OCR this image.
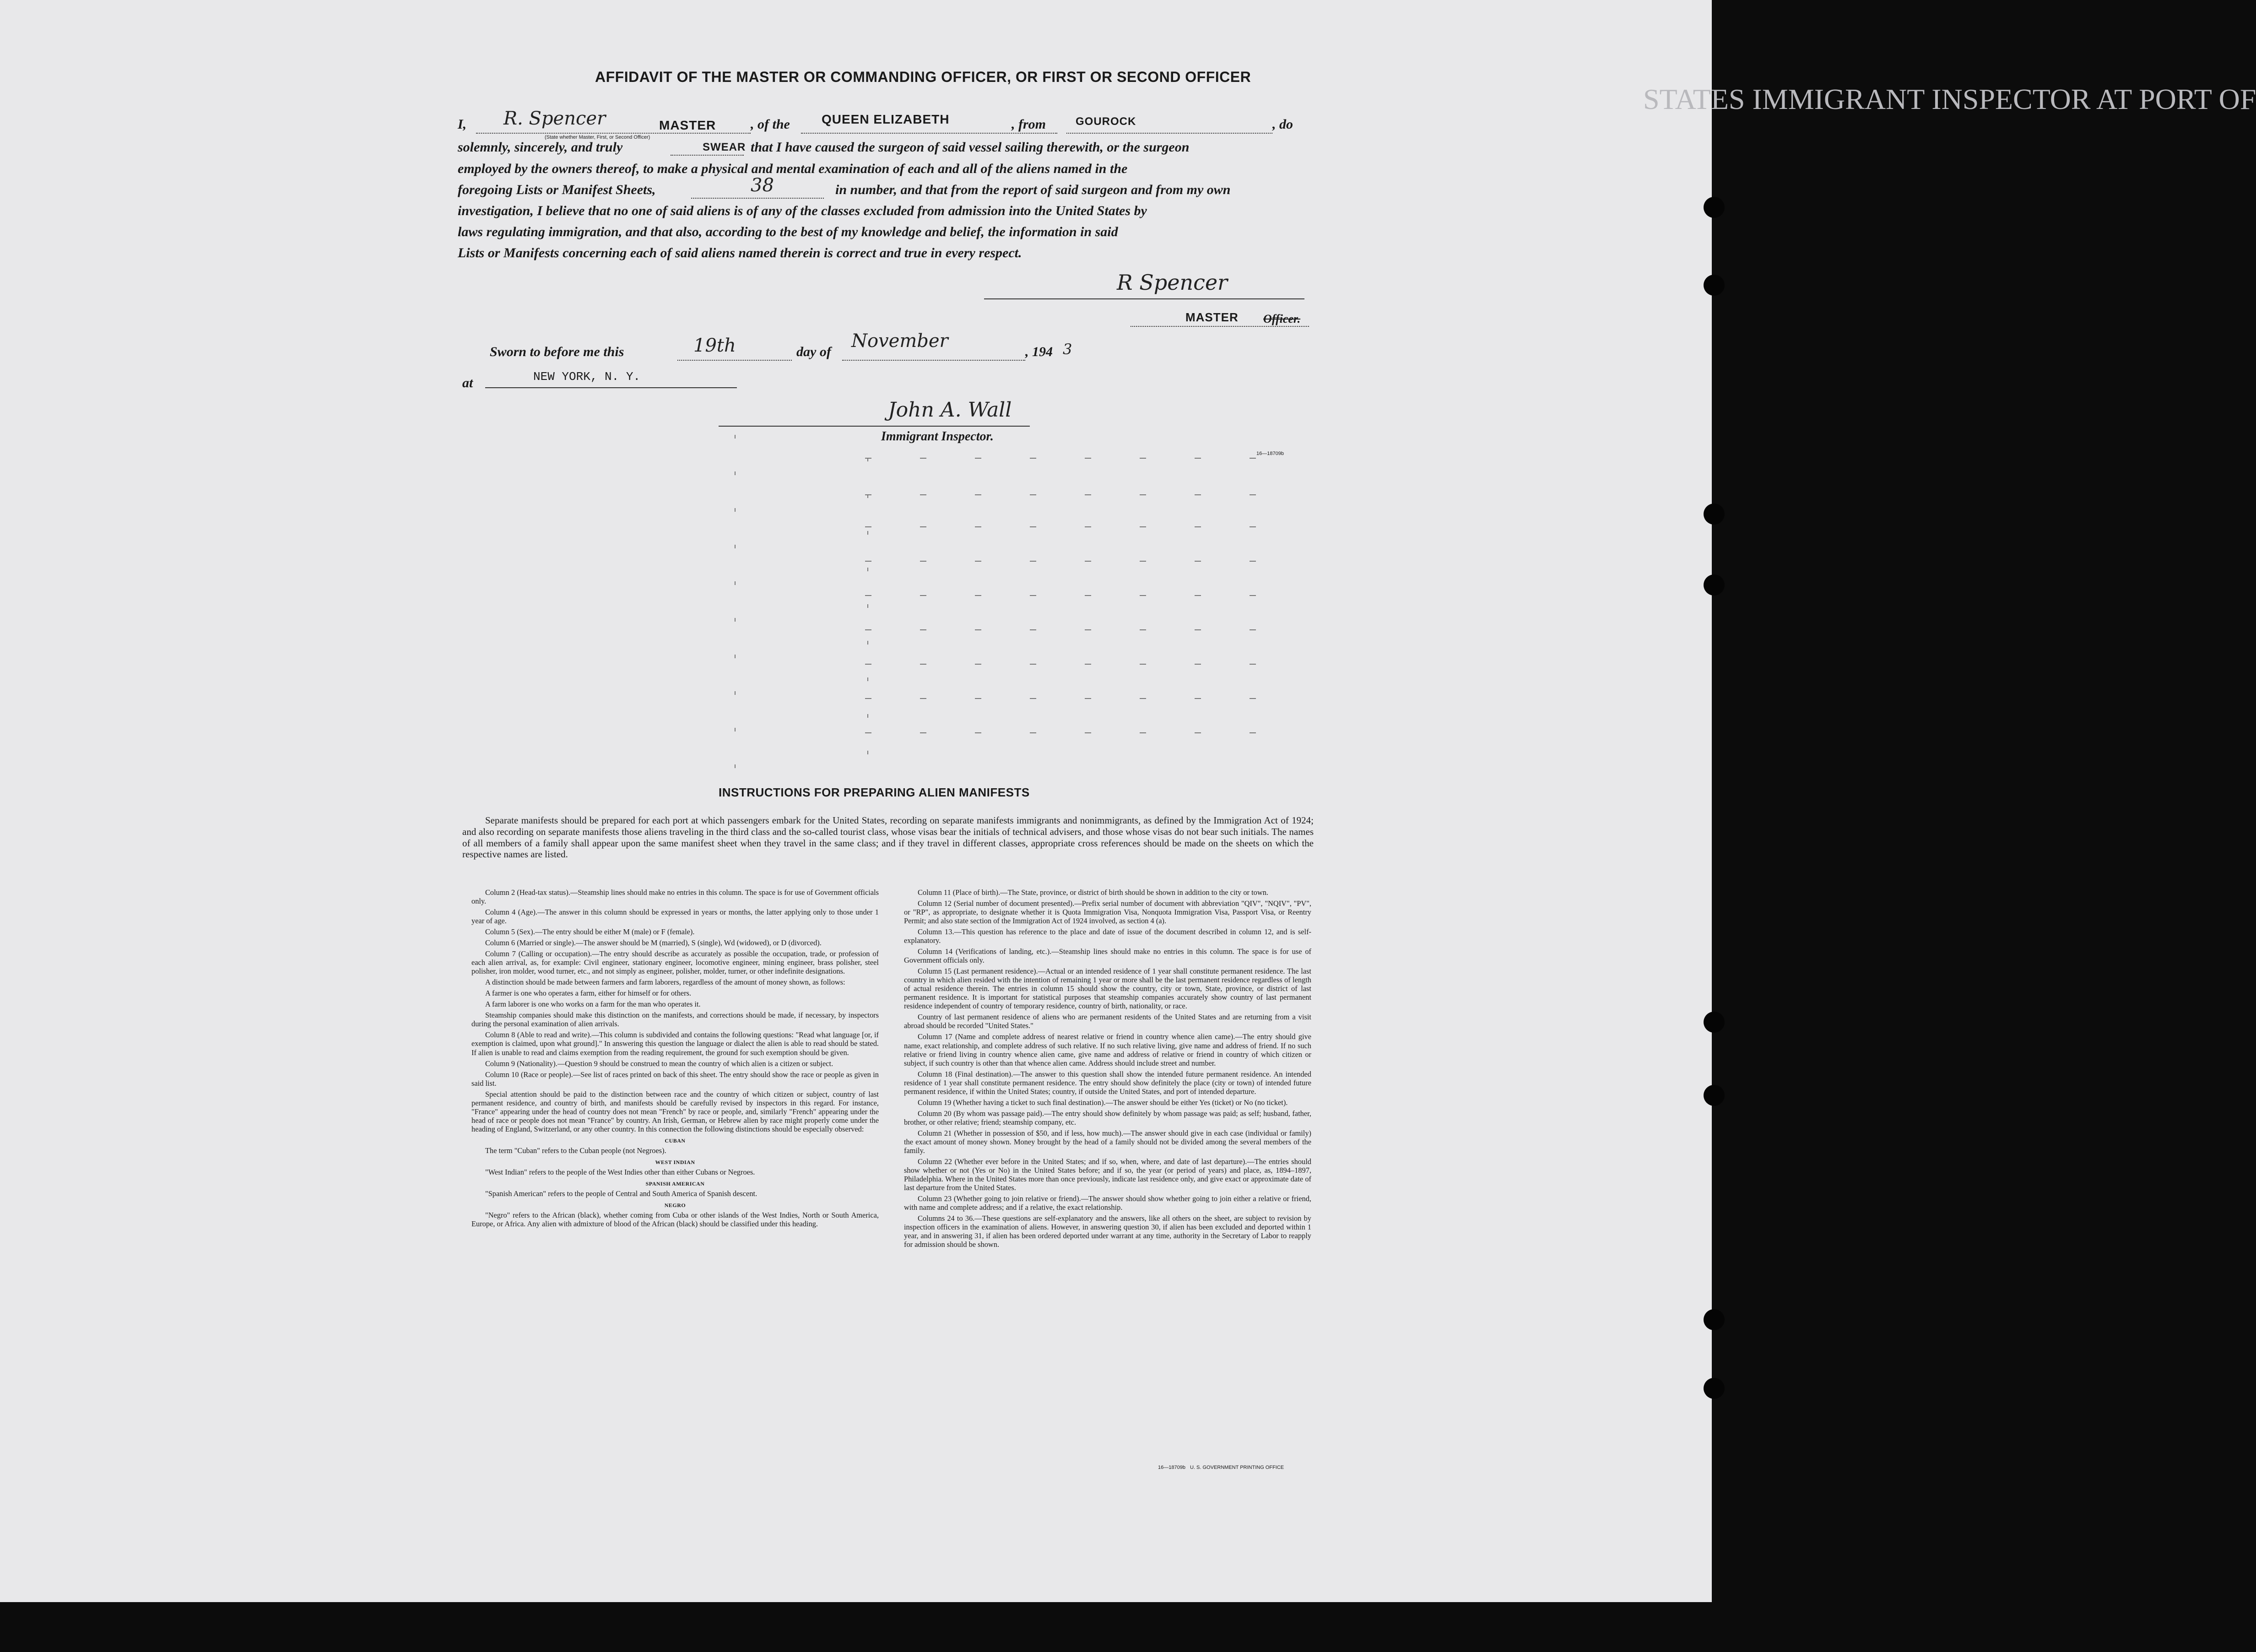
STATES IMMIGRANT INSPECTOR AT PORT OF
AFFIDAVIT OF THE MASTER OR COMMANDING OFFICER, OR FIRST OR SECOND OFFICER
I, R. Spencer	MASTER
(State whether Master, First, or Second Officer)
, of the QUEEN ELIZABETH	, from	GOUROCK	, do
solemnly, sincerely, and truly	SWEAR that I have caused the surgeon of said vessel sailing therewith, or the surgeon
employed by the owners thereof, to make a physical and mental examination of each and all of the aliens named in the
foregoing Lists or Manifest Sheets,	38	in number, and that from the report of said surgeon and from my own
investigation, I believe that no one of said aliens is of any of the classes excluded from admission into the United States by
laws regulating immigration, and that also, according to the best of my knowledge and belief, the information in said
Lists or Manifests concerning each of said aliens named therein is correct and true in every respect.
R Spencer
MASTER Officer.
Sworn to before me this	19th	day of
November
, 194 3
at	NEW YORK, N. Y.
John A. Wall
Immigrant Inspector.
16—18709b
INSTRUCTIONS FOR PREPARING ALIEN MANIFESTS
Separate manifests should be prepared for each port at which passengers embark for the United States, recording on separate manifests immigrants and nonimmigrants, as defined by the Immigration Act of 1924; and also recording on separate manifests those aliens traveling in the third class and the so-called tourist class, whose visas bear the initials of technical advisers, and those whose visas do not bear such initials. The names of all members of a family shall appear upon the same manifest sheet when they travel in the same class; and if they travel in different classes, appropriate cross references should be made on the sheets on which the respective names are listed.

Column 2 (Head-tax status).—Steamship lines should make no entries in this column. The space is for use of Government officials only.

Column 4 (Age).—The answer in this column should be expressed in years or months, the latter applying only to those under 1 year of age.

Column 5 (Sex).—The entry should be either M (male) or F (female).

Column 6 (Married or single).—The answer should be M (married), S (single), Wd (widowed), or D (divorced).

Column 7 (Calling or occupation).—The entry should describe as accurately as possible the occupation, trade, or profession of each alien arrival, as, for example: Civil engineer, stationary engineer, locomotive engineer, mining engineer, brass polisher, steel polisher, iron molder, wood turner, etc., and not simply as engineer, polisher, molder, turner, or other indefinite designations.

A distinction should be made between farmers and farm laborers, regardless of the amount of money shown, as follows:

A farmer is one who operates a farm, either for himself or for others.

A farm laborer is one who works on a farm for the man who operates it.

Steamship companies should make this distinction on the manifests, and corrections should be made, if necessary, by inspectors during the personal examination of alien arrivals.

Column 8 (Able to read and write).—This column is subdivided and contains the following questions: "Read what language [or, if exemption is claimed, upon what ground]." In answering this question the language or dialect the alien is able to read should be stated. If alien is unable to read and claims exemption from the reading requirement, the ground for such exemption should be given.

Column 9 (Nationality).—Question 9 should be construed to mean the country of which alien is a citizen or subject.

Column 10 (Race or people).—See list of races printed on back of this sheet. The entry should show the race or people as given in said list.

Special attention should be paid to the distinction between race and the country of which citizen or subject, country of last permanent residence, and country of birth, and manifests should be carefully revised by inspectors in this regard. For instance, "France" appearing under the head of country does not mean "French" by race or people, and, similarly "French" appearing under the head of race or people does not mean "France" by country. An Irish, German, or Hebrew alien by race might properly come under the heading of England, Switzerland, or any other country. In this connection the following distinctions should be especially observed:

CUBAN

The term "Cuban" refers to the Cuban people (not Negroes).

WEST INDIAN

"West Indian" refers to the people of the West Indies other than either Cubans or Negroes.

SPANISH AMERICAN

"Spanish American" refers to the people of Central and South America of Spanish descent.

NEGRO

"Negro" refers to the African (black), whether coming from Cuba or other islands of the West Indies, North or South America, Europe, or Africa. Any alien with admixture of blood of the African (black) should be classified under this heading.

Column 11 (Place of birth).—The State, province, or district of birth should be shown in addition to the city or town.

Column 12 (Serial number of document presented).—Prefix serial number of document with abbreviation "QIV", "NQIV", "PV", or "RP", as appropriate, to designate whether it is Quota Immigration Visa, Nonquota Immigration Visa, Passport Visa, or Reentry Permit; and also state section of the Immigration Act of 1924 involved, as section 4 (a).

Column 13.—This question has reference to the place and date of issue of the document described in column 12, and is self-explanatory.

Column 14 (Verifications of landing, etc.).—Steamship lines should make no entries in this column. The space is for use of Government officials only.

Column 15 (Last permanent residence).—Actual or an intended residence of 1 year shall constitute permanent residence. The last country in which alien resided with the intention of remaining 1 year or more shall be the last permanent residence regardless of length of actual residence therein. The entries in column 15 should show the country, city or town, State, province, or district of last permanent residence. It is important for statistical purposes that steamship companies accurately show country of last permanent residence independent of country of temporary residence, country of birth, nationality, or race.

Country of last permanent residence of aliens who are permanent residents of the United States and are returning from a visit abroad should be recorded "United States."

Column 17 (Name and complete address of nearest relative or friend in country whence alien came).—The entry should give name, exact relationship, and complete address of such relative. If no such relative living, give name and address of friend. If no such relative or friend living in country whence alien came, give name and address of relative or friend in country of which citizen or subject, if such country is other than that whence alien came. Address should include street and number.

Column 18 (Final destination).—The answer to this question shall show the intended future permanent residence. An intended residence of 1 year shall constitute permanent residence. The entry should show definitely the place (city or town) of intended future permanent residence, if within the United States; country, if outside the United States, and port of intended departure.

Column 19 (Whether having a ticket to such final destination).—The answer should be either Yes (ticket) or No (no ticket).

Column 20 (By whom was passage paid).—The entry should show definitely by whom passage was paid; as self; husband, father, brother, or other relative; friend; steamship company, etc.

Column 21 (Whether in possession of $50, and if less, how much).—The answer should give in each case (individual or family) the exact amount of money shown. Money brought by the head of a family should not be divided among the several members of the family.

Column 22 (Whether ever before in the United States; and if so, when, where, and date of last departure).—The entries should show whether or not (Yes or No) in the United States before; and if so, the year (or period of years) and place, as, 1894–1897, Philadelphia. Where in the United States more than once previously, indicate last residence only, and give exact or approximate date of last departure from the United States.

Column 23 (Whether going to join relative or friend).—The answer should show whether going to join either a relative or friend, with name and complete address; and if a relative, the exact relationship.

Columns 24 to 36.—These questions are self-explanatory and the answers, like all others on the sheet, are subject to revision by inspection officers in the examination of aliens. However, in answering question 30, if alien has been excluded and deported within 1 year, and in answering 31, if alien has been ordered deported under warrant at any time, authority in the Secretary of Labor to reapply for admission should be shown.

16—18709b U. S. GOVERNMENT PRINTING OFFICE
